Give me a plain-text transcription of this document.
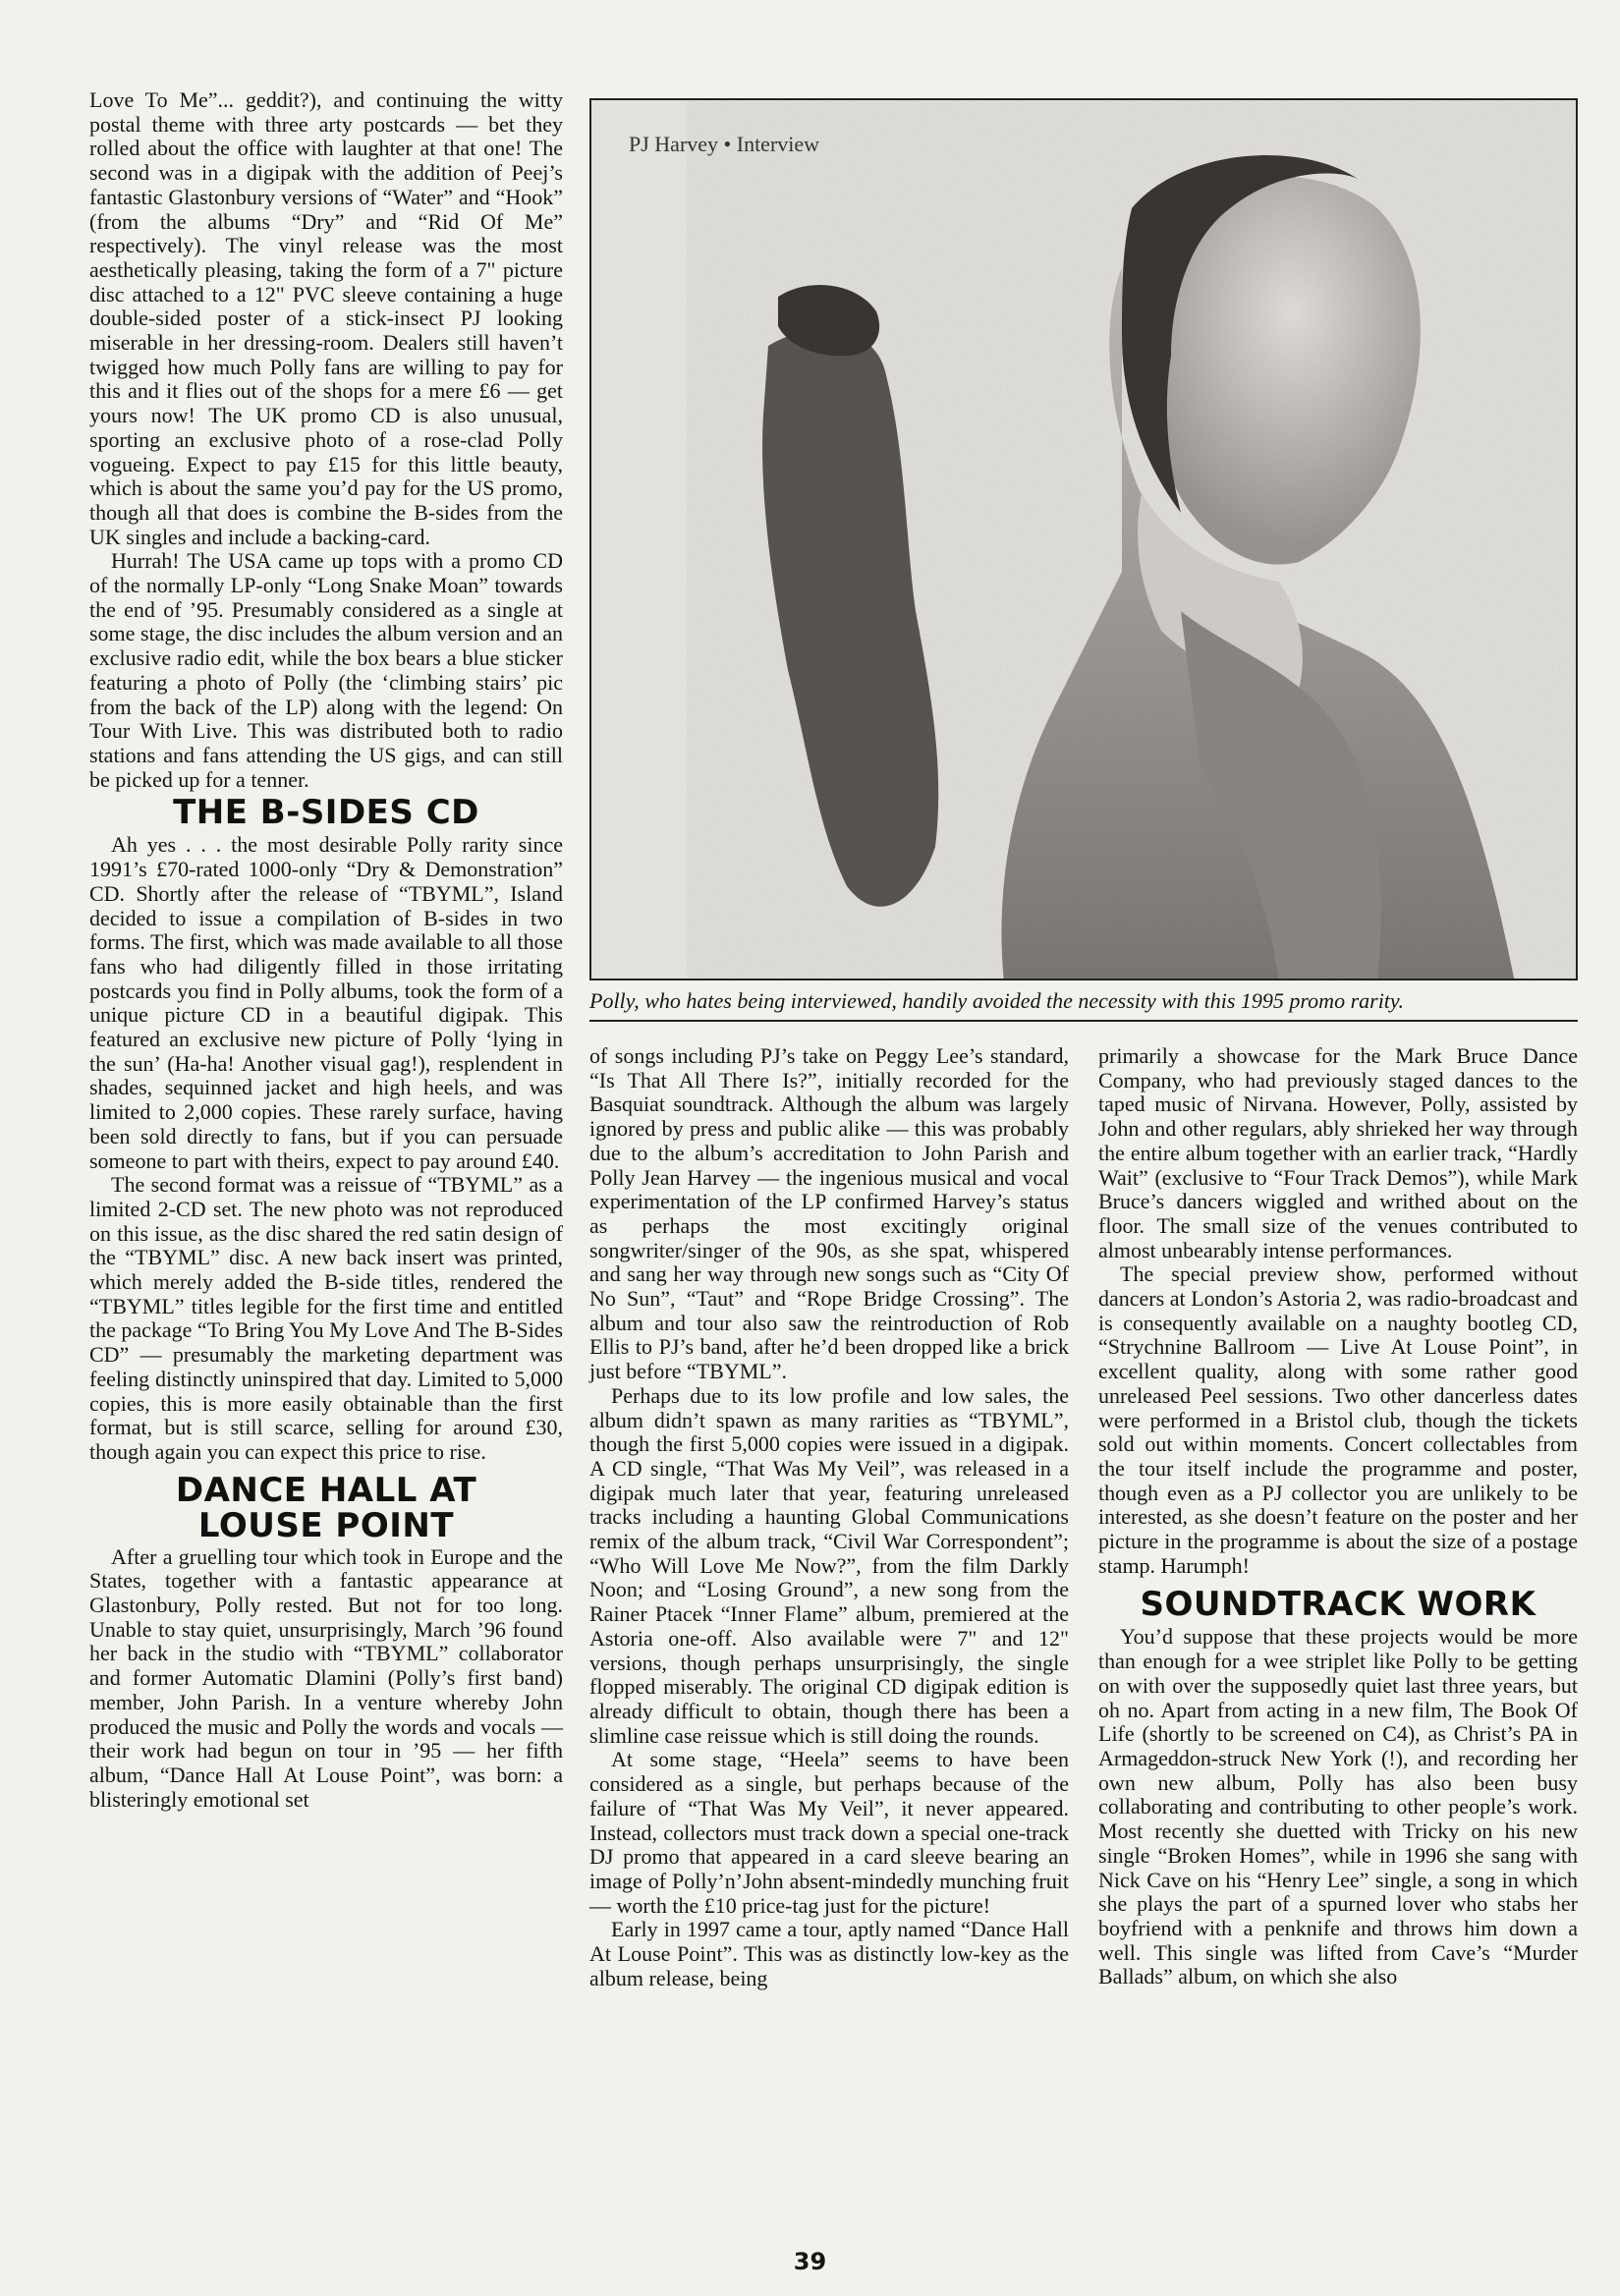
Love To Me”... geddit?), and continuing the witty postal theme with three arty postcards — bet they rolled about the office with laughter at that one! The second was in a digipak with the addition of Peej’s fantastic Glastonbury versions of “Water” and “Hook” (from the albums “Dry” and “Rid Of Me” respectively). The vinyl release was the most aesthetically pleasing, taking the form of a 7" picture disc attached to a 12" PVC sleeve containing a huge double-sided poster of a stick-insect PJ looking miserable in her dressing-room. Dealers still haven’t twigged how much Polly fans are willing to pay for this and it flies out of the shops for a mere £6 — get yours now! The UK promo CD is also unusual, sporting an exclusive photo of a rose-clad Polly vogueing. Expect to pay £15 for this little beauty, which is about the same you’d pay for the US promo, though all that does is combine the B-sides from the UK singles and include a backing-card.

Hurrah! The USA came up tops with a promo CD of the normally LP-only “Long Snake Moan” towards the end of ’95. Presumably considered as a single at some stage, the disc includes the album version and an exclusive radio edit, while the box bears a blue sticker featuring a photo of Polly (the ‘climbing stairs’ pic from the back of the LP) along with the legend: On Tour With Live. This was distributed both to radio stations and fans attending the US gigs, and can still be picked up for a tenner.

THE B-SIDES CD

Ah yes . . . the most desirable Polly rarity since 1991’s £70-rated 1000-only “Dry & Demonstration” CD. Shortly after the release of “TBYML”, Island decided to issue a compilation of B-sides in two forms. The first, which was made available to all those fans who had diligently filled in those irritating postcards you find in Polly albums, took the form of a unique picture CD in a beautiful digipak. This featured an exclusive new picture of Polly ‘lying in the sun’ (Ha-ha! Another visual gag!), resplendent in shades, sequinned jacket and high heels, and was limited to 2,000 copies. These rarely surface, having been sold directly to fans, but if you can persuade someone to part with theirs, expect to pay around £40.

The second format was a reissue of “TBYML” as a limited 2-CD set. The new photo was not reproduced on this issue, as the disc shared the red satin design of the “TBYML” disc. A new back insert was printed, which merely added the B-side titles, rendered the “TBYML” titles legible for the first time and entitled the package “To Bring You My Love And The B-Sides CD” — presumably the marketing department was feeling distinctly uninspired that day. Limited to 5,000 copies, this is more easily obtainable than the first format, but is still scarce, selling for around £30, though again you can expect this price to rise.

DANCE HALL AT
LOUSE POINT

After a gruelling tour which took in Europe and the States, together with a fantastic appearance at Glastonbury, Polly rested. But not for too long. Unable to stay quiet, unsurprisingly, March ’96 found her back in the studio with “TBYML” collaborator and former Automatic Dlamini (Polly’s first band) member, John Parish. In a venture whereby John produced the music and Polly the words and vocals — their work had begun on tour in ’95 — her fifth album, “Dance Hall At Louse Point”, was born: a blisteringly emotional set

PJ Harvey • Interview
Polly, who hates being interviewed, handily avoided the necessity with this 1995 promo rarity.

of songs including PJ’s take on Peggy Lee’s standard, “Is That All There Is?”, initially recorded for the Basquiat soundtrack. Although the album was largely ignored by press and public alike — this was probably due to the album’s accreditation to John Parish and Polly Jean Harvey — the ingenious musical and vocal experimentation of the LP confirmed Harvey’s status as perhaps the most excitingly original songwriter/singer of the 90s, as she spat, whispered and sang her way through new songs such as “City Of No Sun”, “Taut” and “Rope Bridge Crossing”. The album and tour also saw the reintroduction of Rob Ellis to PJ’s band, after he’d been dropped like a brick just before “TBYML”.

Perhaps due to its low profile and low sales, the album didn’t spawn as many rarities as “TBYML”, though the first 5,000 copies were issued in a digipak. A CD single, “That Was My Veil”, was released in a digipak much later that year, featuring unreleased tracks including a haunting Global Communications remix of the album track, “Civil War Correspondent”; “Who Will Love Me Now?”, from the film Darkly Noon; and “Losing Ground”, a new song from the Rainer Ptacek “Inner Flame” album, premiered at the Astoria one-off. Also available were 7" and 12" versions, though perhaps unsurprisingly, the single flopped miserably. The original CD digipak edition is already difficult to obtain, though there has been a slimline case reissue which is still doing the rounds.

At some stage, “Heela” seems to have been considered as a single, but perhaps because of the failure of “That Was My Veil”, it never appeared. Instead, collectors must track down a special one-track DJ promo that appeared in a card sleeve bearing an image of Polly’n’John absent-mindedly munching fruit — worth the £10 price-tag just for the picture!

Early in 1997 came a tour, aptly named “Dance Hall At Louse Point”. This was as distinctly low-key as the album release, being

primarily a showcase for the Mark Bruce Dance Company, who had previously staged dances to the taped music of Nirvana. However, Polly, assisted by John and other regulars, ably shrieked her way through the entire album together with an earlier track, “Hardly Wait” (exclusive to “Four Track Demos”), while Mark Bruce’s dancers wiggled and writhed about on the floor. The small size of the venues contributed to almost unbearably intense performances.

The special preview show, performed without dancers at London’s Astoria 2, was radio-broadcast and is consequently available on a naughty bootleg CD, “Strychnine Ballroom — Live At Louse Point”, in excellent quality, along with some rather good unreleased Peel sessions. Two other dancerless dates were performed in a Bristol club, though the tickets sold out within moments. Concert collectables from the tour itself include the programme and poster, though even as a PJ collector you are unlikely to be interested, as she doesn’t feature on the poster and her picture in the programme is about the size of a postage stamp. Harumph!

SOUNDTRACK WORK

You’d suppose that these projects would be more than enough for a wee striplet like Polly to be getting on with over the supposedly quiet last three years, but oh no. Apart from acting in a new film, The Book Of Life (shortly to be screened on C4), as Christ’s PA in Armageddon-struck New York (!), and recording her own new album, Polly has also been busy collaborating and contributing to other people’s work. Most recently she duetted with Tricky on his new single “Broken Homes”, while in 1996 she sang with Nick Cave on his “Henry Lee” single, a song in which she plays the part of a spurned lover who stabs her boyfriend with a penknife and throws him down a well. This single was lifted from Cave’s “Murder Ballads” album, on which she also

39
